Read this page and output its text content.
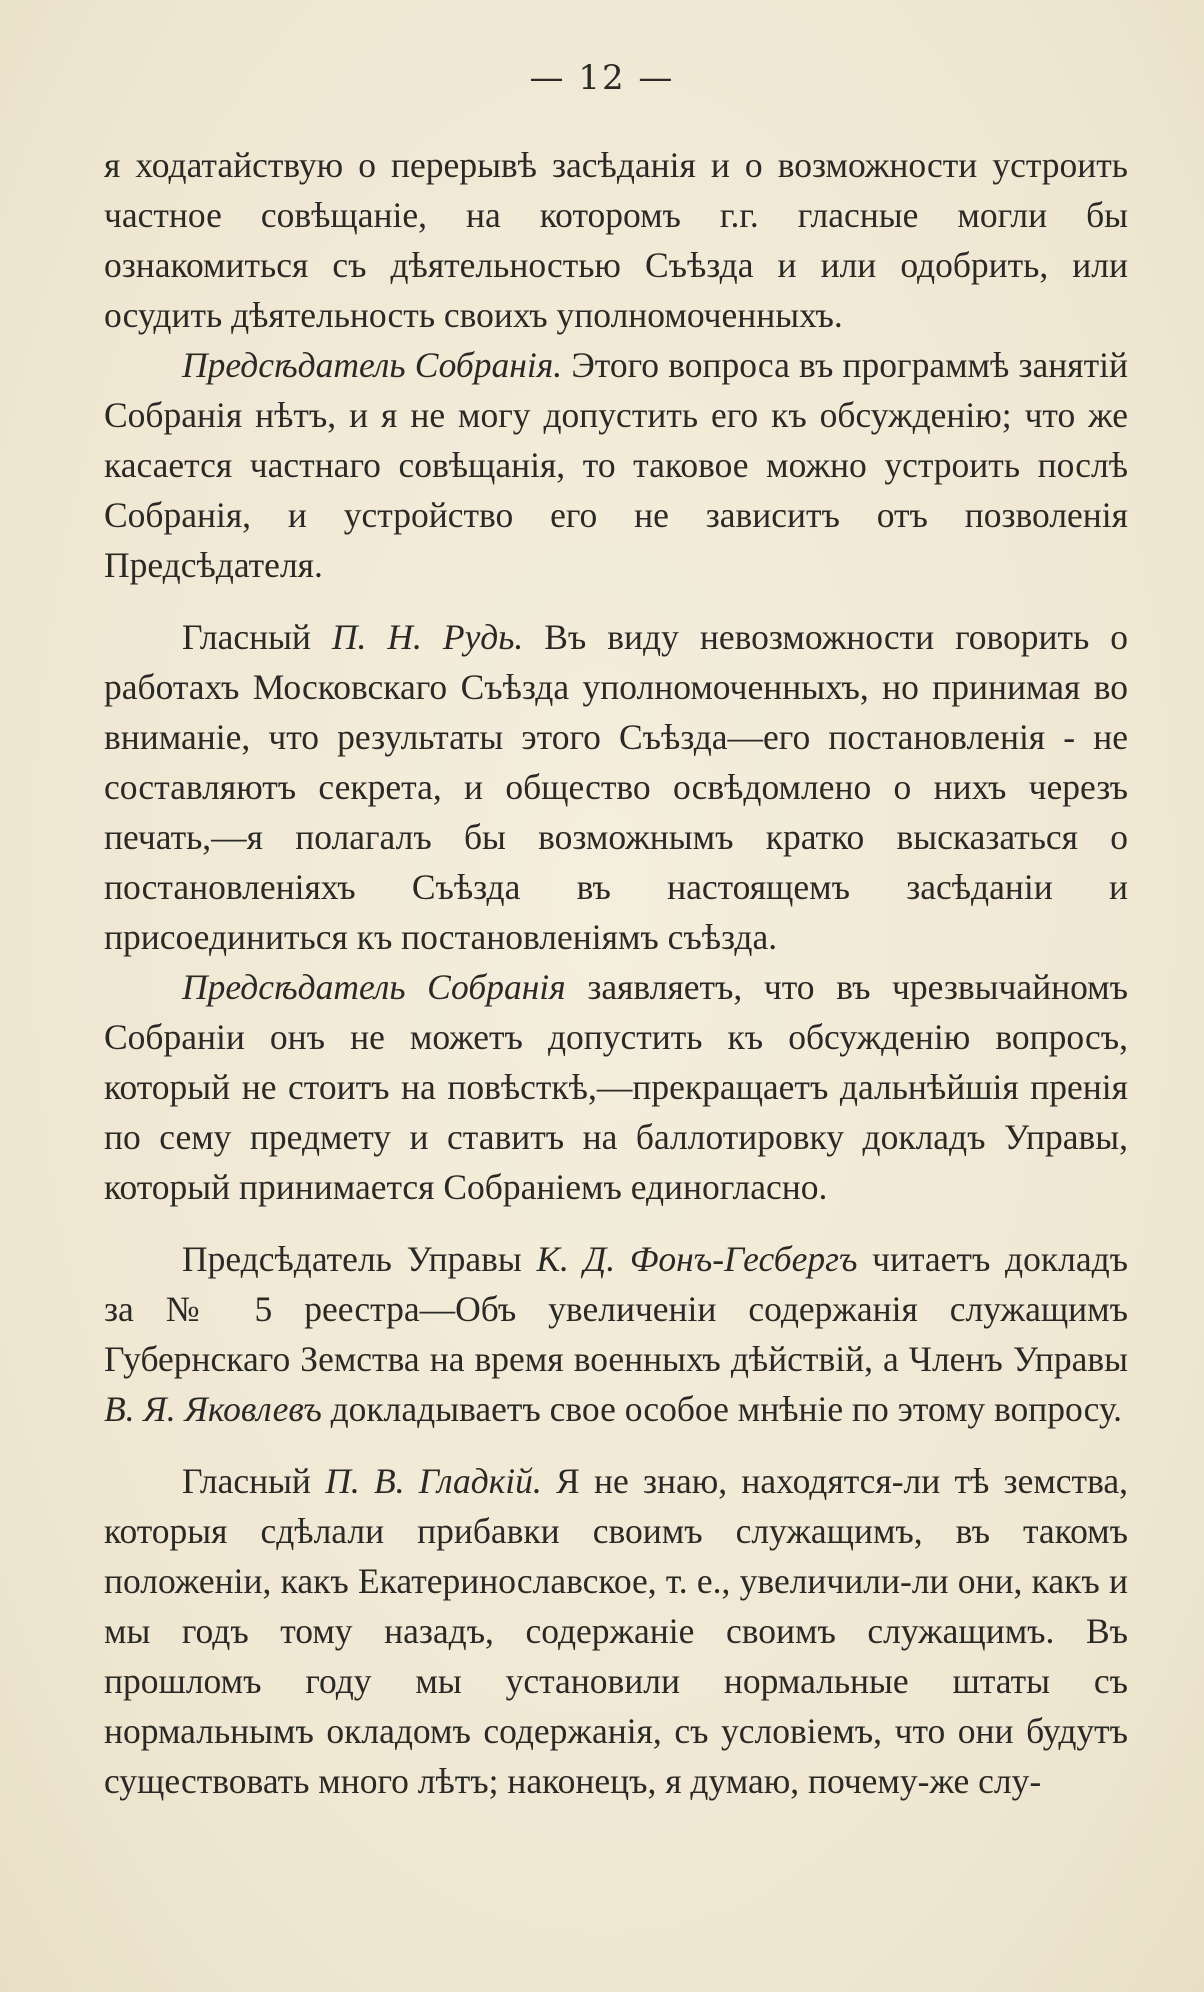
— 12 —

я ходатайствую о перерывѣ засѣданія и о возможности устроить частное совѣщаніе, на которомъ г.г. гласные могли бы ознакомиться съ дѣятельностью Съѣзда и или одобрить, или осудить дѣятельность своихъ уполномоченныхъ.

Предсѣдатель Собранія. Этого вопроса въ программѣ занятій Собранія нѣтъ, и я не могу допустить его къ обсужденію; что же касается частнаго совѣщанія, то таковое можно устроить послѣ Собранія, и устройство его не зависитъ отъ позволенія Предсѣдателя.

Гласный П. Н. Рудь. Въ виду невозможности говорить о работахъ Московскаго Съѣзда уполномоченныхъ, но принимая во вниманіе, что результаты этого Съѣзда—его постановленія - не составляютъ секрета, и общество освѣдомлено о нихъ черезъ печать,—я полагалъ бы возможнымъ кратко высказаться о постановленіяхъ Съѣзда въ настоящемъ засѣданіи и присоединиться къ постановленіямъ съѣзда.

Предсѣдатель Собранія заявляетъ, что въ чрезвычайномъ Собраніи онъ не можетъ допустить къ обсужденію вопросъ, который не стоитъ на повѣсткѣ,—прекращаетъ дальнѣйшія пренія по сему предмету и ставитъ на баллотировку докладъ Управы, который принимается Собраніемъ единогласно.

Предсѣдатель Управы К. Д. Фонъ-Гесбергъ читаетъ докладъ за № 5 реестра—Объ увеличеніи содержанія служащимъ Губернскаго Земства на время военныхъ дѣйствій, а Членъ Управы В. Я. Яковлевъ докладываетъ свое особое мнѣніе по этому вопросу.

Гласный П. В. Гладкій. Я не знаю, находятся-ли тѣ земства, которыя сдѣлали прибавки своимъ служащимъ, въ такомъ положеніи, какъ Екатеринославское, т. е., увеличили-ли они, какъ и мы годъ тому назадъ, содержаніе своимъ служащимъ. Въ прошломъ году мы установили нормальные штаты съ нормальнымъ окладомъ содержанія, съ условіемъ, что они будутъ существовать много лѣтъ; наконецъ, я думаю, почему-же слу-
